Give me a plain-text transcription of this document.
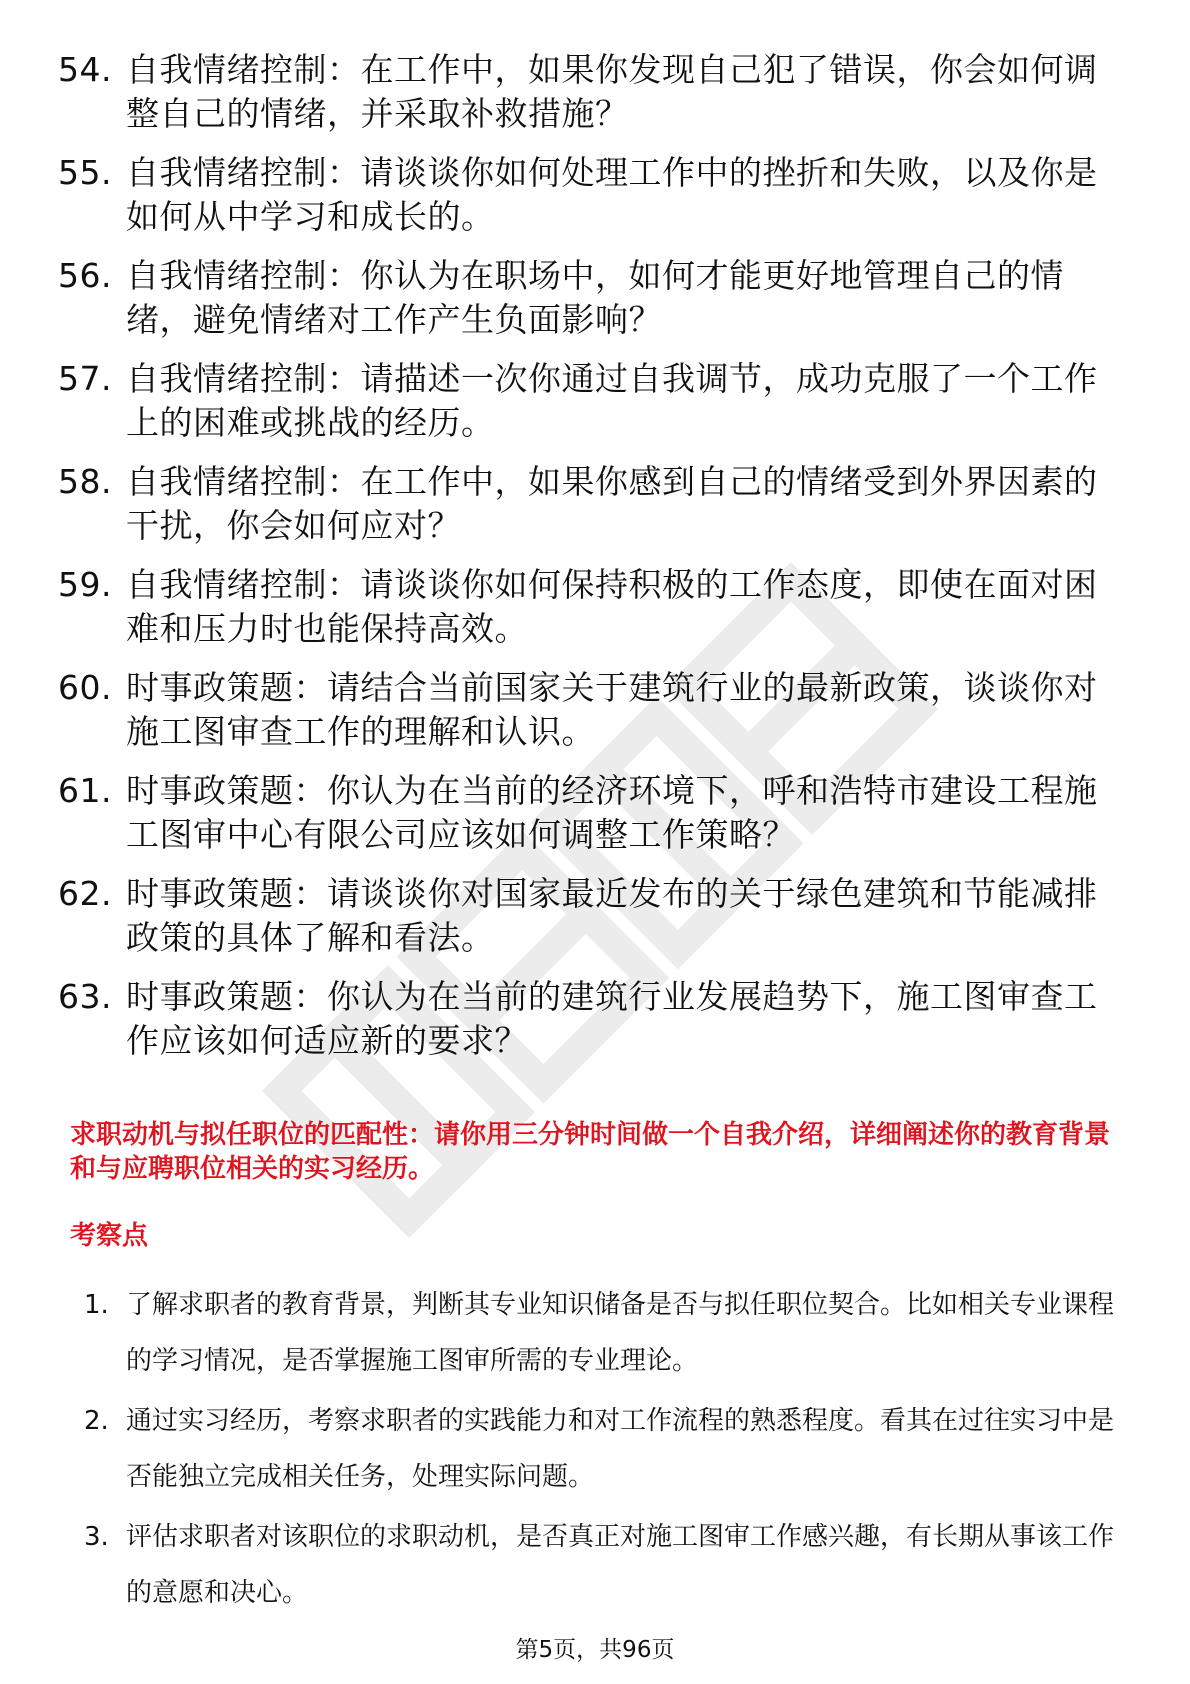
54. 自我情绪控制：在工作中，如果你发现自己犯了错误，你会如何调整自己的情绪，并采取补救措施？
55. 自我情绪控制：请谈谈你如何处理工作中的挫折和失败，以及你是如何从中学习和成长的。
56. 自我情绪控制：你认为在职场中，如何才能更好地管理自己的情绪，避免情绪对工作产生负面影响？
57. 自我情绪控制：请描述一次你通过自我调节，成功克服了一个工作上的困难或挑战的经历。
58. 自我情绪控制：在工作中，如果你感到自己的情绪受到外界因素的干扰，你会如何应对？
59. 自我情绪控制：请谈谈你如何保持积极的工作态度，即使在面对困难和压力时也能保持高效。
60. 时事政策题：请结合当前国家关于建筑行业的最新政策，谈谈你对施工图审查工作的理解和认识。
61. 时事政策题：你认为在当前的经济环境下，呼和浩特市建设工程施工图审中心有限公司应该如何调整工作策略？
62. 时事政策题：请谈谈你对国家最近发布的关于绿色建筑和节能减排政策的具体了解和看法。
63. 时事政策题：你认为在当前的建筑行业发展趋势下，施工图审查工作应该如何适应新的要求？
求职动机与拟任职位的匹配性：请你用三分钟时间做一个自我介绍，详细阐述你的教育背景和与应聘职位相关的实习经历。
考察点
1. 了解求职者的教育背景，判断其专业知识储备是否与拟任职位契合。比如相关专业课程的学习情况，是否掌握施工图审所需的专业理论。
2. 通过实习经历，考察求职者的实践能力和对工作流程的熟悉程度。看其在过往实习中是否能独立完成相关任务，处理实际问题。
3. 评估求职者对该职位的求职动机，是否真正对施工图审工作感兴趣，有长期从事该工作的意愿和决心。
第5页，共96页
